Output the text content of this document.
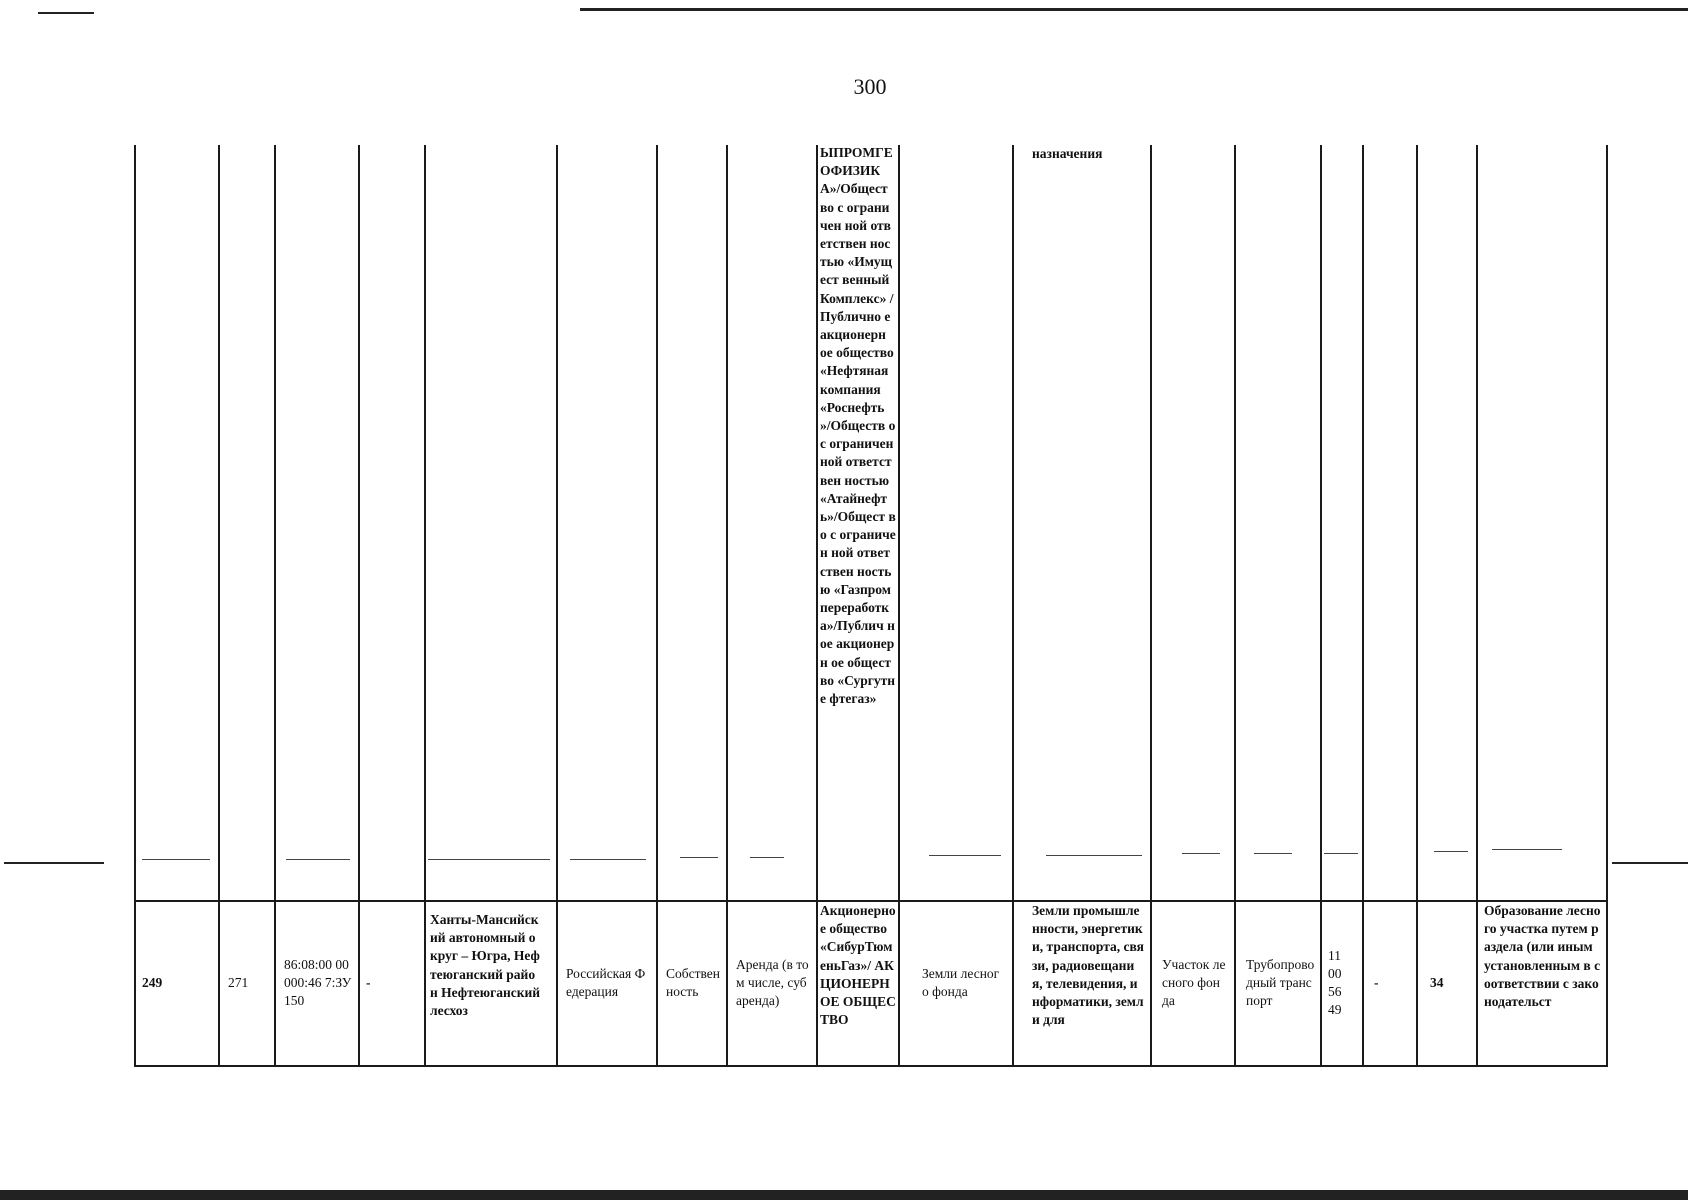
300
ЫПРОМГЕ ОФИЗИК А»/Общест во с ограничен ной ответствен ностью «Имущест венный Комплекс» /Публично е акционерн ое общество «Нефтяная компания «Роснефть »/Обществ о с ограничен ной ответствен ностью «Атайнефт ь»/Общест во с ограничен ной ответствен ностью «Газпром переработк а»/Публич ное акционерн ое общество «Сургутне фтегаз»
назначения
249	271
86:08:00 00000:46 7:ЗУ150
-
Ханты-Мансийский автономный округ – Югра, Нефтеюганский район Нефтеюганский лесхоз
Российская Федерация
Собственность
Аренда (в том числе, субаренда)
Акционерное общество «СибурТюменьГаз»/ АКЦИОНЕРНОЕ ОБЩЕСТВО
Земли лесного фонда
Земли промышленности, энергетики, транспорта, связи, радиовещания, телевидения, информатики, земли для
Участок лесного фонда
Трубопроводный транспорт
11 00 56 49
-	34
Образование лесного участка путем раздела (или иным установленным в соответствии с законодательст
